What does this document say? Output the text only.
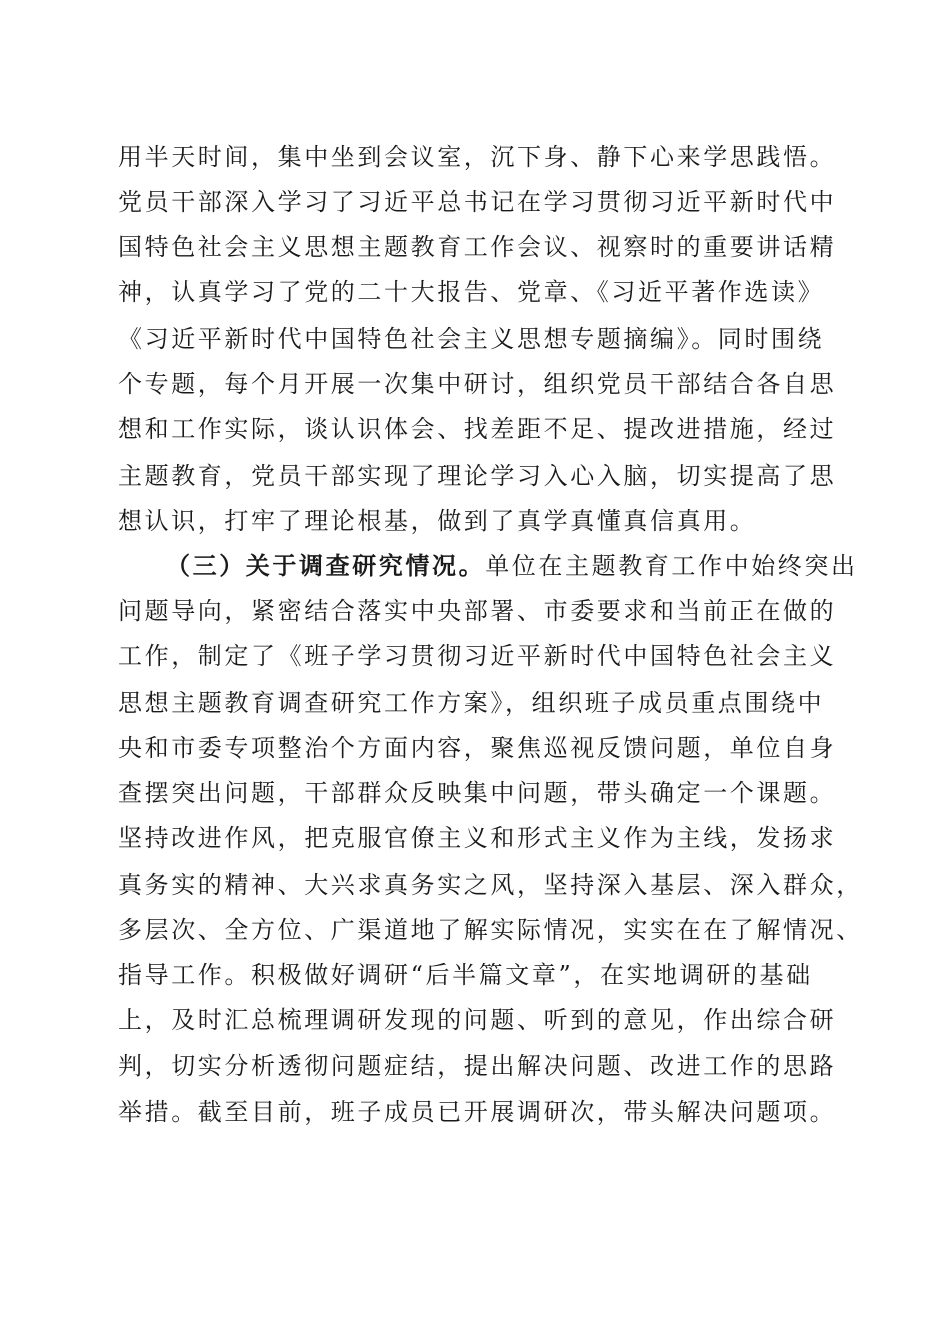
用半天时间，集中坐到会议室，沉下身、静下心来学思践悟。
党员干部深入学习了习近平总书记在学习贯彻习近平新时代中
国特色社会主义思想主题教育工作会议、视察时的重要讲话精
神，认真学习了党的二十大报告、党章、《习近平著作选读》
《习近平新时代中国特色社会主义思想专题摘编》。同时围绕
个专题，每个月开展一次集中研讨，组织党员干部结合各自思
想和工作实际，谈认识体会、找差距不足、提改进措施，经过
主题教育，党员干部实现了理论学习入心入脑，切实提高了思
想认识，打牢了理论根基，做到了真学真懂真信真用。
（三）关于调查研究情况。单位在主题教育工作中始终突出
问题导向，紧密结合落实中央部署、市委要求和当前正在做的
工作，制定了《班子学习贯彻习近平新时代中国特色社会主义
思想主题教育调查研究工作方案》，组织班子成员重点围绕中
央和市委专项整治个方面内容，聚焦巡视反馈问题，单位自身
查摆突出问题，干部群众反映集中问题，带头确定一个课题。
坚持改进作风，把克服官僚主义和形式主义作为主线，发扬求
真务实的精神、大兴求真务实之风，坚持深入基层、深入群众，
多层次、全方位、广渠道地了解实际情况，实实在在了解情况、
指导工作。积极做好调研“后半篇文章”，在实地调研的基础
上，及时汇总梳理调研发现的问题、听到的意见，作出综合研
判，切实分析透彻问题症结，提出解决问题、改进工作的思路
举措。截至目前，班子成员已开展调研次，带头解决问题项。
